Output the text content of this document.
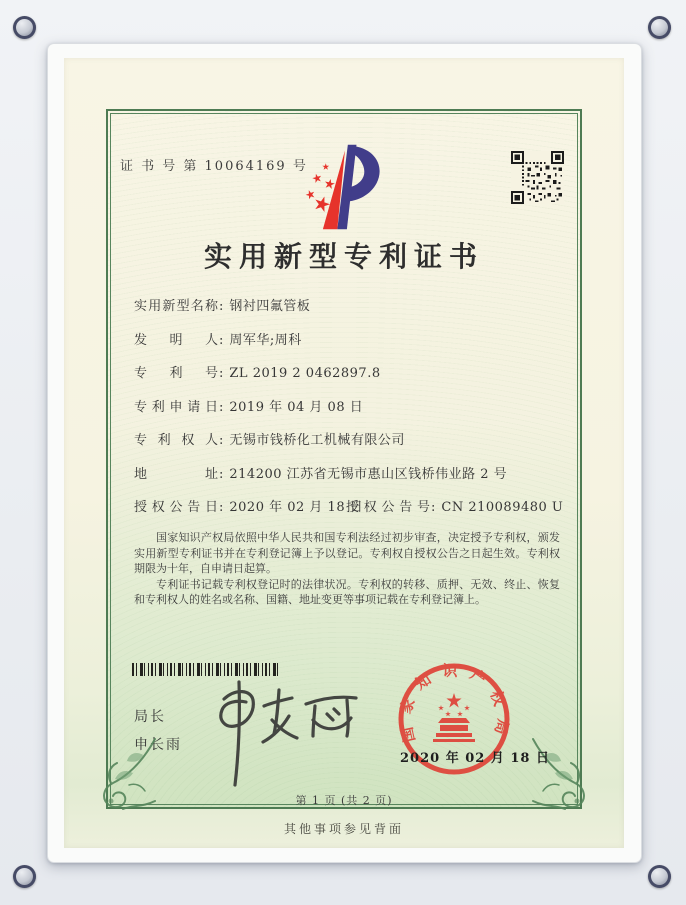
证 书 号 第 10064169 号
实用新型专利证书
实用新型名称: 钢衬四氟管板
发明人: 周军华;周科
专利号: ZL 2019 2 0462897.8
专利申请日: 2019 年 04 月 08 日
专利权人: 无锡市钱桥化工机械有限公司
地址: 214200 江苏省无锡市惠山区钱桥伟业路 2 号
授权公告日: 2020 年 02 月 18 日
授权公告号: CN 210089480 U

国家知识产权局依照中华人民共和国专利法经过初步审查，决定授予专利权，颁发实用新型专利证书并在专利登记簿上予以登记。专利权自授权公告之日起生效。专利权期限为十年，自申请日起算。

专利证书记载专利权登记时的法律状况。专利权的转移、质押、无效、终止、恢复和专利权人的姓名或名称、国籍、地址变更等事项记载在专利登记簿上。

局长
申长雨
国家知识产权局
2020 年 02 月 18 日
第 1 页 (共 2 页)
其他事项参见背面
